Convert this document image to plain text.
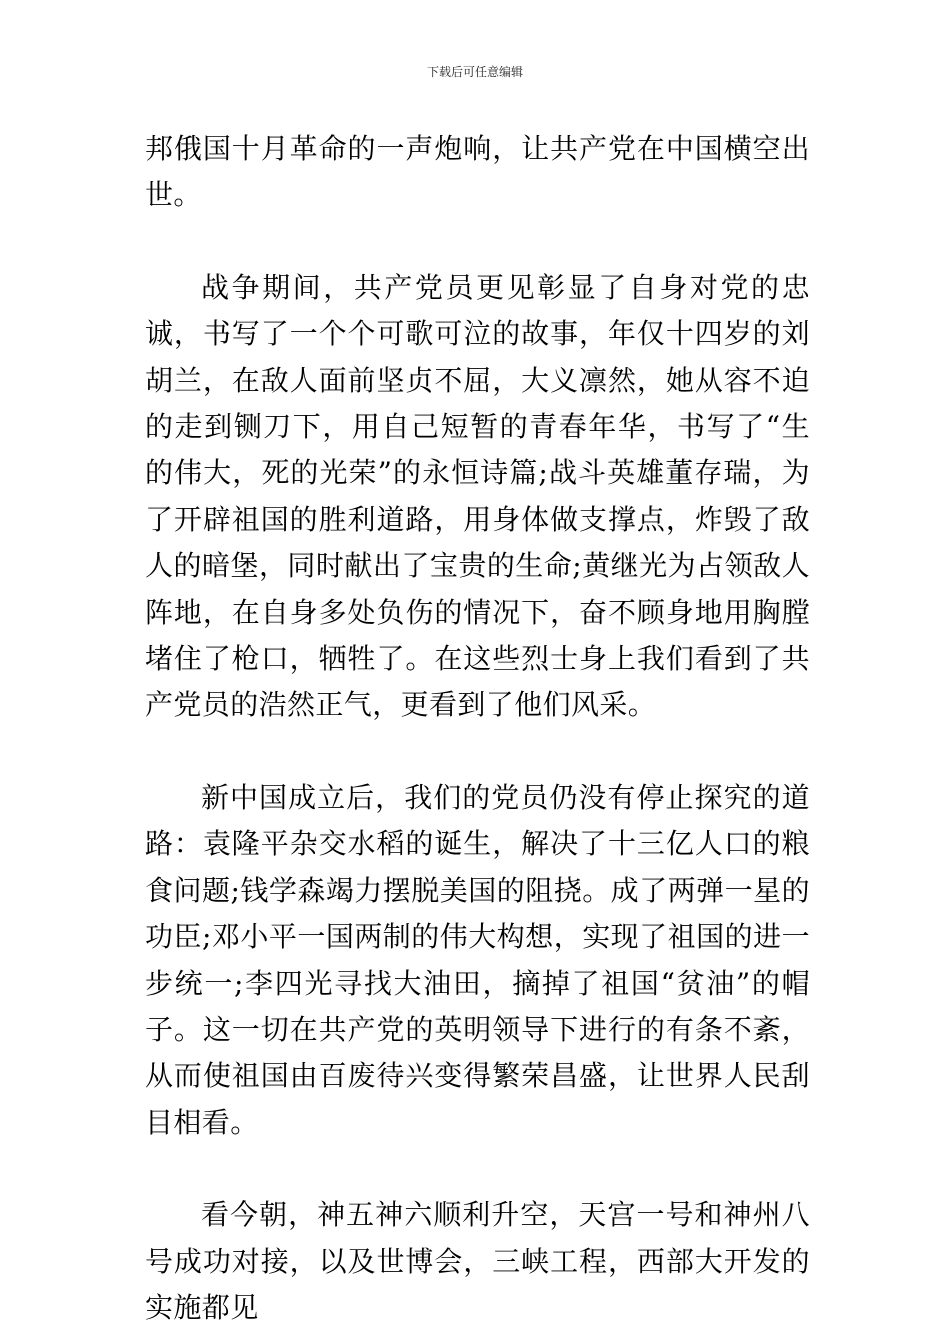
下载后可任意编辑

邦俄国十月革命的一声炮响，让共产党在中国横空出世。

战争期间，共产党员更见彰显了自身对党的忠诚，书写了一个个可歌可泣的故事，年仅十四岁的刘胡兰，在敌人面前坚贞不屈，大义凛然，她从容不迫的走到铡刀下，用自己短暂的青春年华，书写了“生的伟大，死的光荣”的永恒诗篇;战斗英雄董存瑞，为了开辟祖国的胜利道路，用身体做支撑点，炸毁了敌人的暗堡，同时献出了宝贵的生命;黄继光为占领敌人阵地，在自身多处负伤的情况下，奋不顾身地用胸膛堵住了枪口，牺牲了。在这些烈士身上我们看到了共产党员的浩然正气，更看到了他们风采。

新中国成立后，我们的党员仍没有停止探究的道路：袁隆平杂交水稻的诞生，解决了十三亿人口的粮食问题;钱学森竭力摆脱美国的阻挠。成了两弹一星的功臣;邓小平一国两制的伟大构想，实现了祖国的进一步统一;李四光寻找大油田，摘掉了祖国“贫油”的帽子。这一切在共产党的英明领导下进行的有条不紊，从而使祖国由百废待兴变得繁荣昌盛，让世界人民刮目相看。

看今朝，神五神六顺利升空，天宫一号和神州八号成功对接，以及世博会，三峡工程，西部大开发的实施都见
